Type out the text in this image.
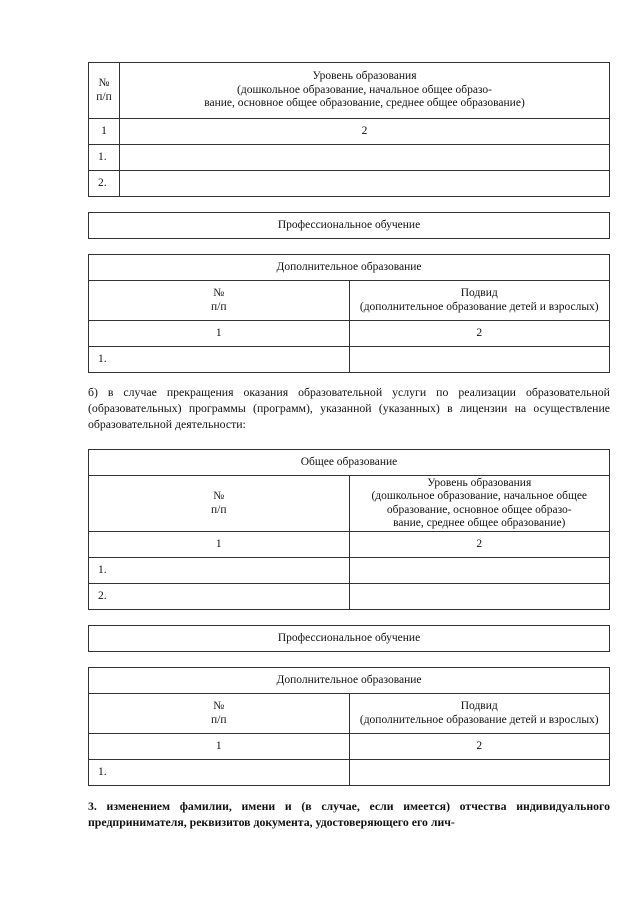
№
п/п	Уровень образования
(дошкольное образование, начальное общее образо-
вание, основное общее образование, среднее общее образование)
1	2
1.	
2.	
Профессиональное обучение
Дополнительное образование	
№
п/п	Подвид
(дополнительное образование детей и взрослых)
1	2
1.	
б) в случае прекращения оказания образовательной услуги по реализации образовательной (образовательных) программы (программ), указанной (указанных) в лицензии на осуществление образовательной деятельности:
Общее образование	
№
п/п	Уровень образования
(дошкольное образование, начальное общее образование, основное общее образо-
вание, среднее общее образование)
1	2
1.	
2.	
Профессиональное обучение
Дополнительное образование	
№
п/п	Подвид
(дополнительное образование детей и взрослых)
1	2
1.	
3. изменением фамилии, имени и (в случае, если имеется) отчества индивидуального предпринимателя, реквизитов документа, удостоверяющего его лич-
